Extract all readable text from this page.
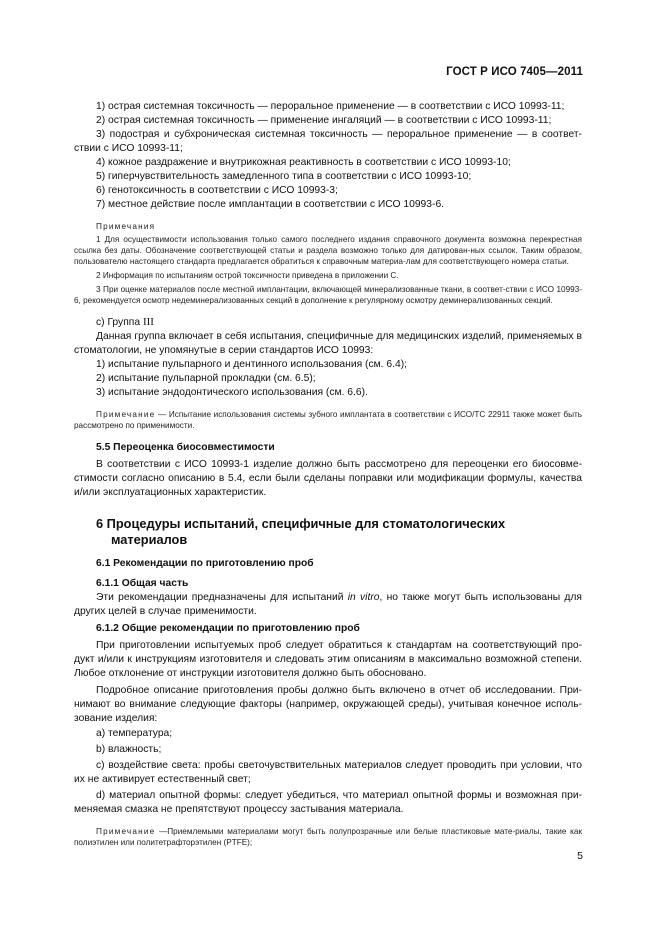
ГОСТ Р ИСО 7405—2011

1) острая системная токсичность — пероральное применение — в соответствии с ИСО 10993-11;

2) острая системная токсичность — применение ингаляций — в соответствии с ИСО 10993-11;

3) подострая и субхроническая системная токсичность — пероральное применение — в соответ-ствии с ИСО 10993-11;

4) кожное раздражение и внутрикожная реактивность в соответствии с ИСО 10993-10;

5) гиперчувствительность замедленного типа в соответствии с ИСО 10993-10;

6) генотоксичность в соответствии с ИСО 10993-3;

7) местное действие после имплантации в соответствии с ИСО 10993-6.

Примечания

1 Для осуществимости использования только самого последнего издания справочного документа возможна перекрестная ссылка без даты. Обозначение соответствующей статьи и раздела возможно только для датирован-ных ссылок. Таким образом, пользователю настоящего стандарта предлагается обратиться к справочным материа-лам для соответствующего номера статьи.

2 Информация по испытаниям острой токсичности приведена в приложении С.

3 При оценке материалов после местной имплантации, включающей минерализованные ткани, в соответ-ствии с ИСО 10993-6, рекомендуется осмотр недеминерализованных секций в дополнение к регулярному осмотру деминерализованных секций.

с) Группа III

Данная группа включает в себя испытания, специфичные для медицинских изделий, применяемых в стоматологии, не упомянутые в серии стандартов ИСО 10993:

1) испытание пульпарного и дентинного использования (см. 6.4);

2) испытание пульпарной прокладки (см. 6.5);

3) испытание эндодонтического использования (см. 6.6).

Примечание — Испытание использования системы зубного имплантата в соответствии с ИСО/ТС 22911 также может быть рассмотрено по применимости.

5.5 Переоценка биосовместимости

В соответствии с ИСО 10993-1 изделие должно быть рассмотрено для переоценки его биосовме-стимости согласно описанию в 5.4, если были сделаны поправки или модификации формулы, качества и/или эксплуатационных характеристик.

6 Процедуры испытаний, специфичные для стоматологических

материалов

6.1 Рекомендации по приготовлению проб

6.1.1 Общая часть

Эти рекомендации предназначены для испытаний in vitro, но также могут быть использованы для других целей в случае применимости.

6.1.2 Общие рекомендации по приготовлению проб

При приготовлении испытуемых проб следует обратиться к стандартам на соответствующий про-дукт и/или к инструкциям изготовителя и следовать этим описаниям в максимально возможной степени. Любое отклонение от инструкции изготовителя должно быть обосновано.

Подробное описание приготовления пробы должно быть включено в отчет об исследовании. При-нимают во внимание следующие факторы (например, окружающей среды), учитывая конечное исполь-зование изделия:

а) температура;

b) влажность;

c) воздействие света: пробы светочувствительных материалов следует проводить при условии, что их не активирует естественный свет;

d) материал опытной формы: следует убедиться, что материал опытной формы и возможная при-меняемая смазка не препятствуют процессу застывания материала.

Примечание —Приемлемыми материалами могут быть полупрозрачные или белые пластиковые мате-риалы, такие как полиэтилен или политетрафторэтилен (PTFE);

5
